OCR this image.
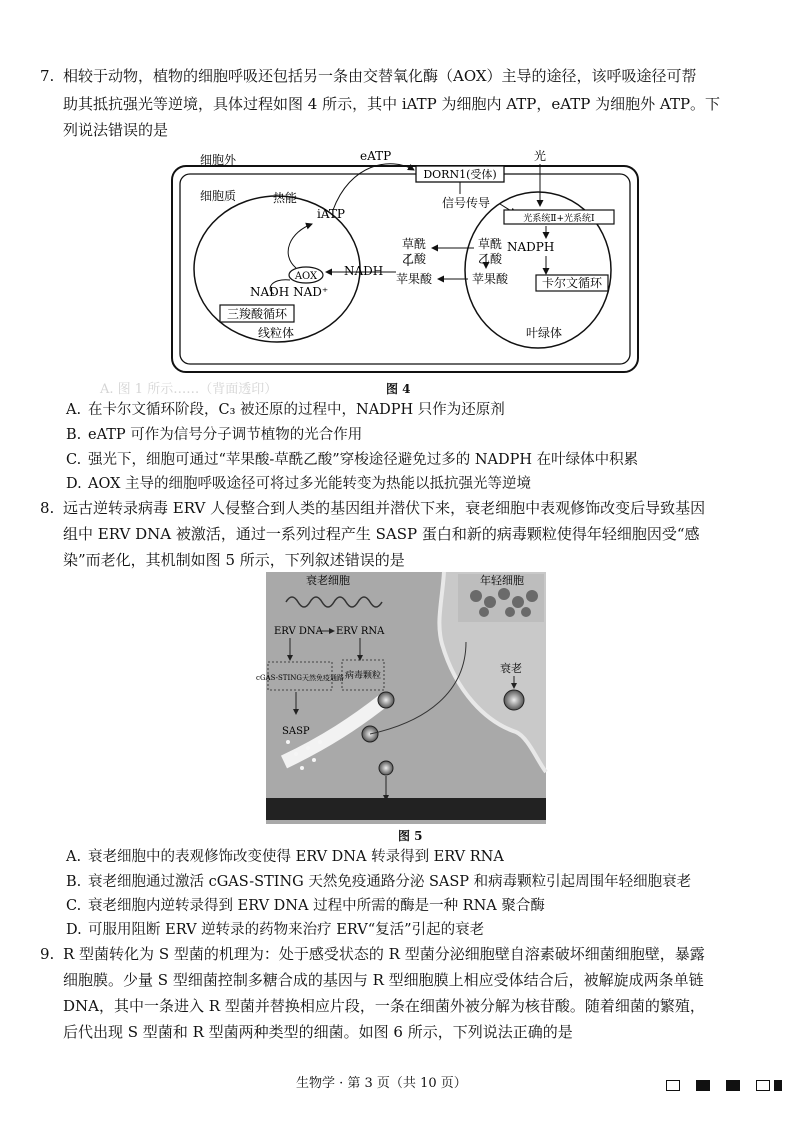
A. 图 1 所示……（背面透印）
7. 相较于动物，植物的细胞呼吸还包括另一条由交替氧化酶（AOX）主导的途径，该呼吸途径可帮
助其抵抗强光等逆境，具体过程如图 4 所示，其中 iATP 为细胞内 ATP，eATP 为细胞外 ATP。下
列说法错误的是
细胞外
细胞质
DORN1(受体)
eATP	光
热能
iATP
信号传导
光系统Ⅱ+光系统Ⅰ
草酰
乙酸
草酰
乙酸
NADPH
AOX NADH
苹果酸	苹果酸	卡尔文循环
NADH NAD⁺
三羧酸循环
线粒体	叶绿体
图 4
A. 在卡尔文循环阶段，C₃ 被还原的过程中，NADPH 只作为还原剂
B. eATP 可作为信号分子调节植物的光合作用
C. 强光下，细胞可通过“苹果酸-草酰乙酸”穿梭途径避免过多的 NADPH 在叶绿体中积累
D. AOX 主导的细胞呼吸途径可将过多光能转变为热能以抵抗强光等逆境
8. 远古逆转录病毒 ERV 人侵整合到人类的基因组并潜伏下来，衰老细胞中表观修饰改变后导致基因
组中 ERV DNA 被激活，通过一系列过程产生 SASP 蛋白和新的病毒颗粒使得年轻细胞因受“感
染”而老化，其机制如图 5 所示，下列叙述错误的是
年轻细胞
衰老细胞
ERV DNA ERV RNA
cGAS-STING天然免疫通路 病毒颗粒
SASP
衰老
图 5
A. 衰老细胞中的表观修饰改变使得 ERV DNA 转录得到 ERV RNA
B. 衰老细胞通过激活 cGAS-STING 天然免疫通路分泌 SASP 和病毒颗粒引起周围年轻细胞衰老
C. 衰老细胞内逆转录得到 ERV DNA 过程中所需的酶是一种 RNA 聚合酶
D. 可服用阻断 ERV 逆转录的药物来治疗 ERV“复活”引起的衰老
9. R 型菌转化为 S 型菌的机理为：处于感受状态的 R 型菌分泌细胞壁自溶素破坏细菌细胞壁，暴露
细胞膜。少量 S 型细菌控制多糖合成的基因与 R 型细胞膜上相应受体结合后，被解旋成两条单链
DNA，其中一条进入 R 型菌并替换相应片段，一条在细菌外被分解为核苷酸。随着细菌的繁殖，
后代出现 S 型菌和 R 型菌两种类型的细菌。如图 6 所示，下列说法正确的是
生物学 · 第 3 页（共 10 页）
